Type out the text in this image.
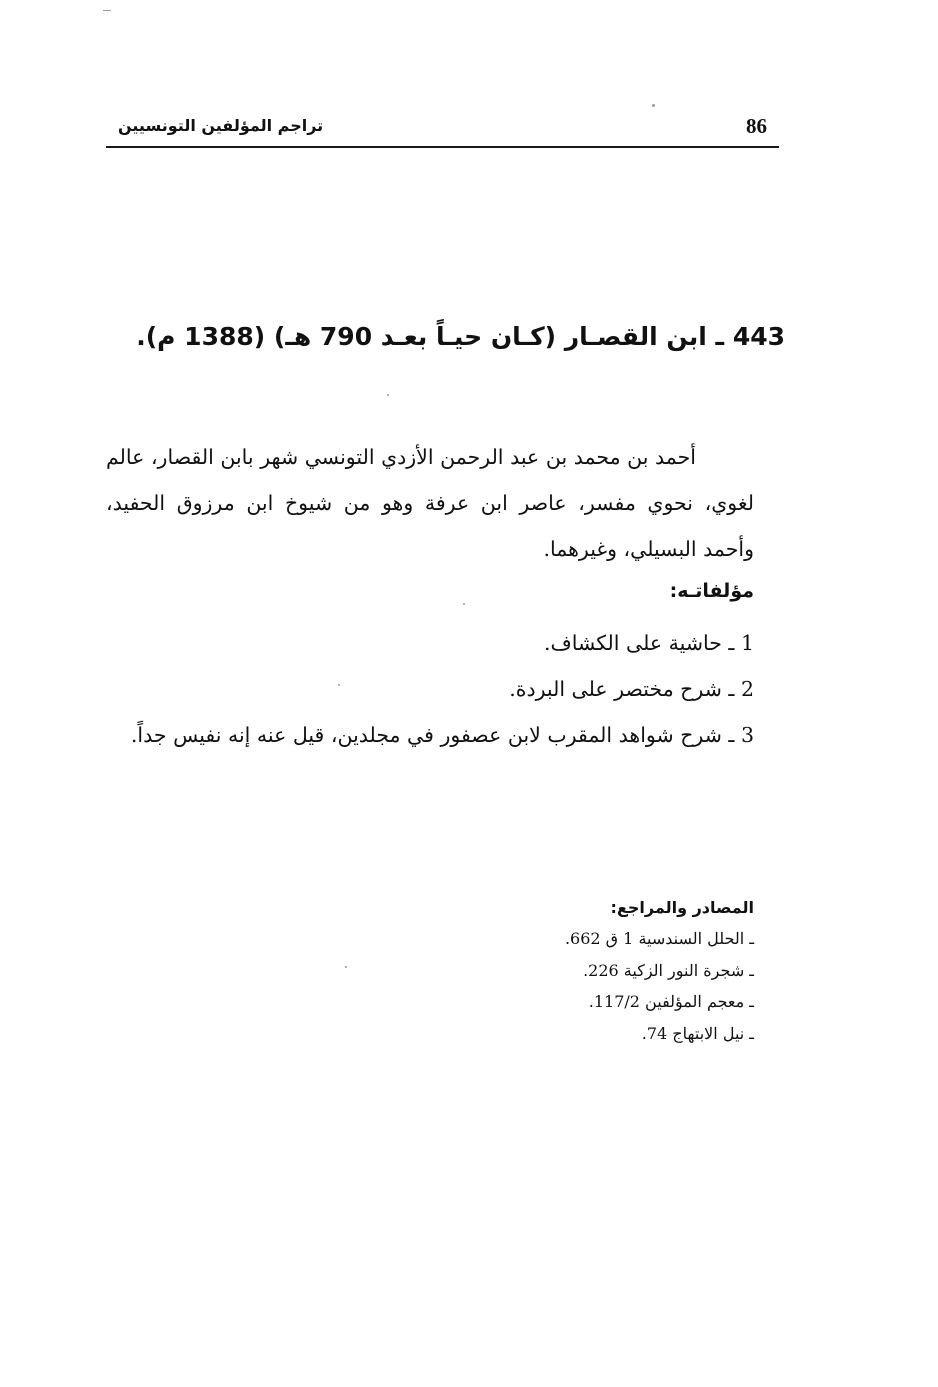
86
تراجم المؤلفين التونسيين
443 ـ ابن القصـار (كـان حيـاً بعـد 790 هـ) (1388 م).

أحمد بن محمد بن عبد الرحمن الأزدي التونسي شهر بابن القصار، عالم لغوي، نحوي مفسر، عاصر ابن عرفة وهو من شيوخ ابن مرزوق الحفيد، وأحمد البسيلي، وغيرهما.

مؤلفاتـه:
1 ـ حاشية على الكشاف.
2 ـ شرح مختصر على البردة.
3 ـ شرح شواهد المقرب لابن عصفور في مجلدين، قيل عنه إنه نفيس جداً.
المصادر والمراجع:
ـ الحلل السندسية 1 ق 662.
ـ شجرة النور الزكية 226.
ـ معجم المؤلفين 117/2.
ـ نيل الابتهاج 74.
